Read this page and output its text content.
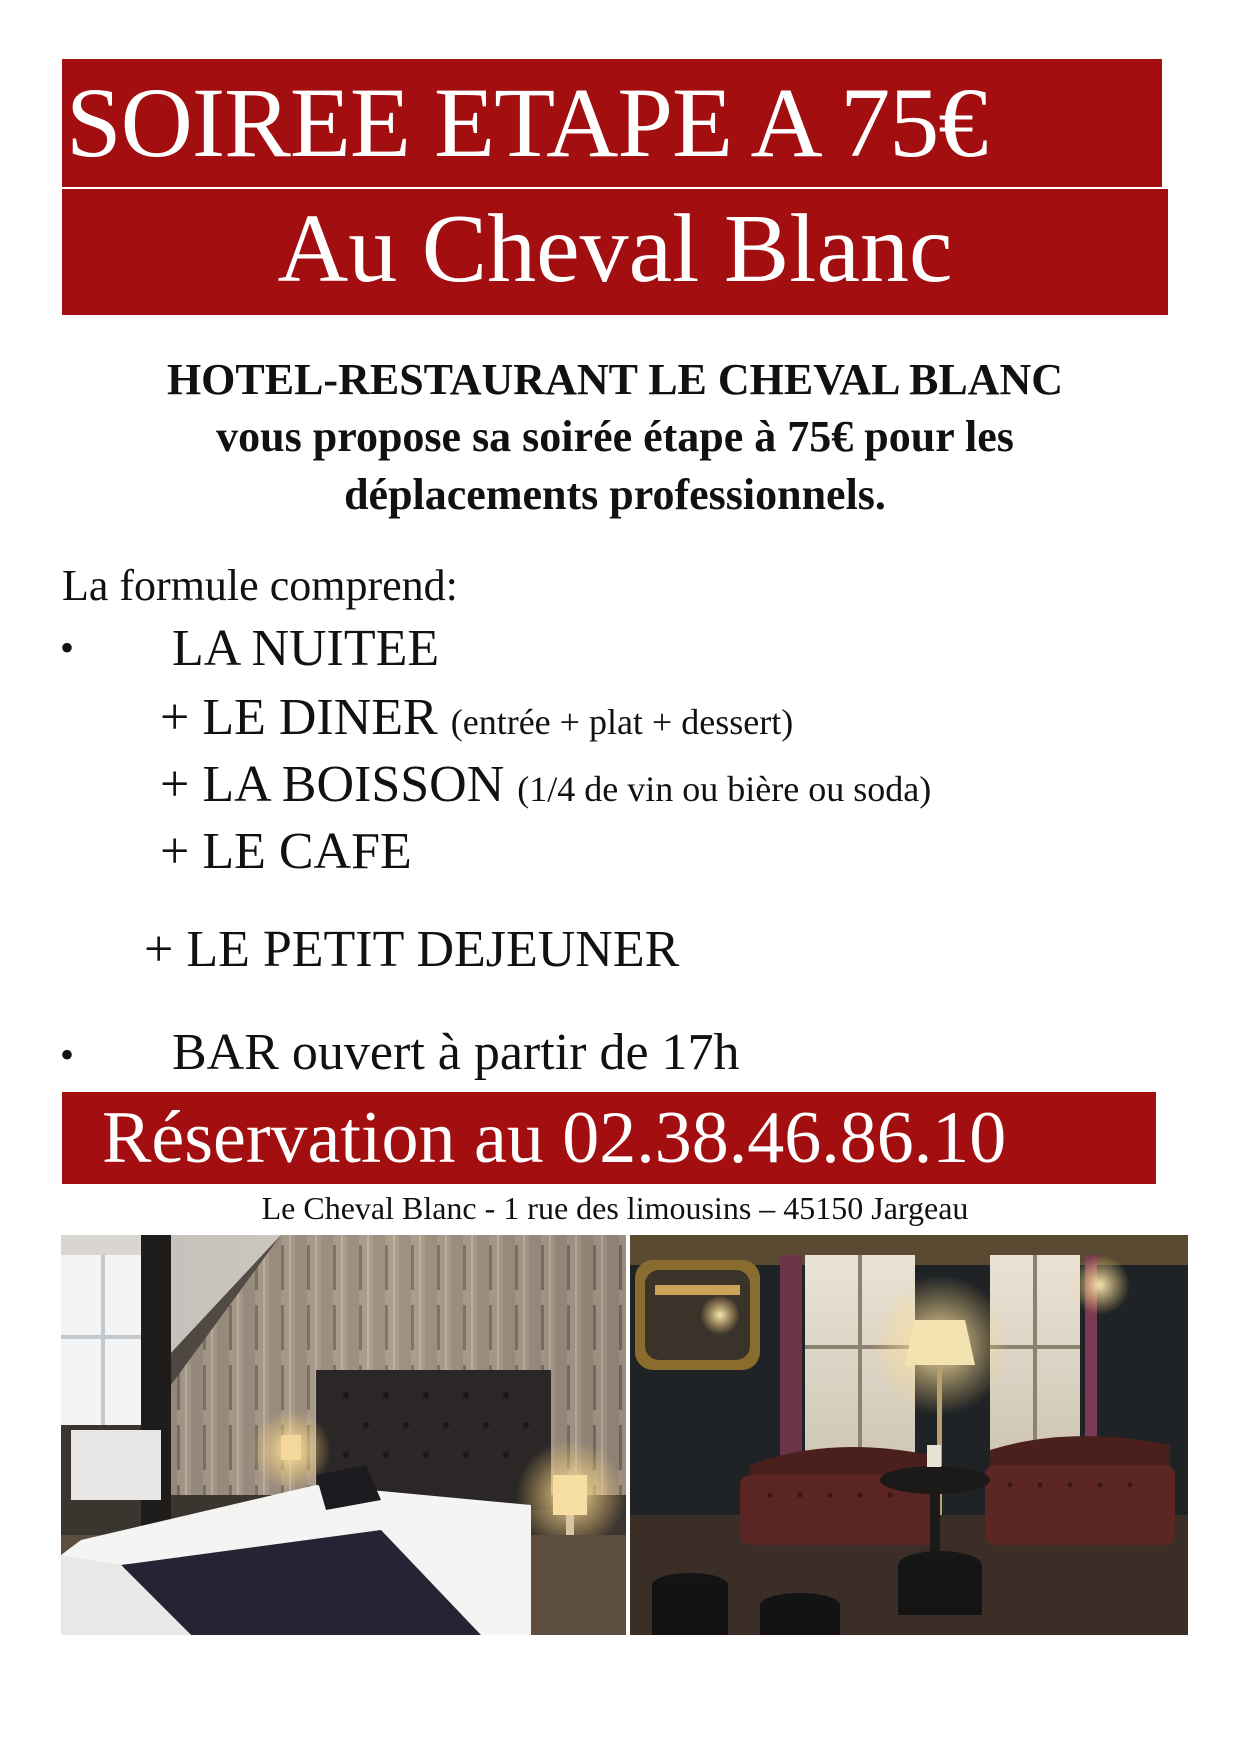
SOIREE ETAPE A 75€
Au Cheval Blanc
HOTEL-RESTAURANT LE CHEVAL BLANC
vous propose sa soirée étape à 75€ pour les
déplacements professionnels.
La formule comprend:
• LA NUITEE
+ LE DINER (entrée + plat + dessert)
+ LA BOISSON (1/4 de vin ou bière ou soda)
+ LE CAFE
+ LE PETIT DEJEUNER
• BAR ouvert à partir de 17h
Réservation au 02.38.46.86.10
Le Cheval Blanc - 1 rue des limousins – 45150 Jargeau
